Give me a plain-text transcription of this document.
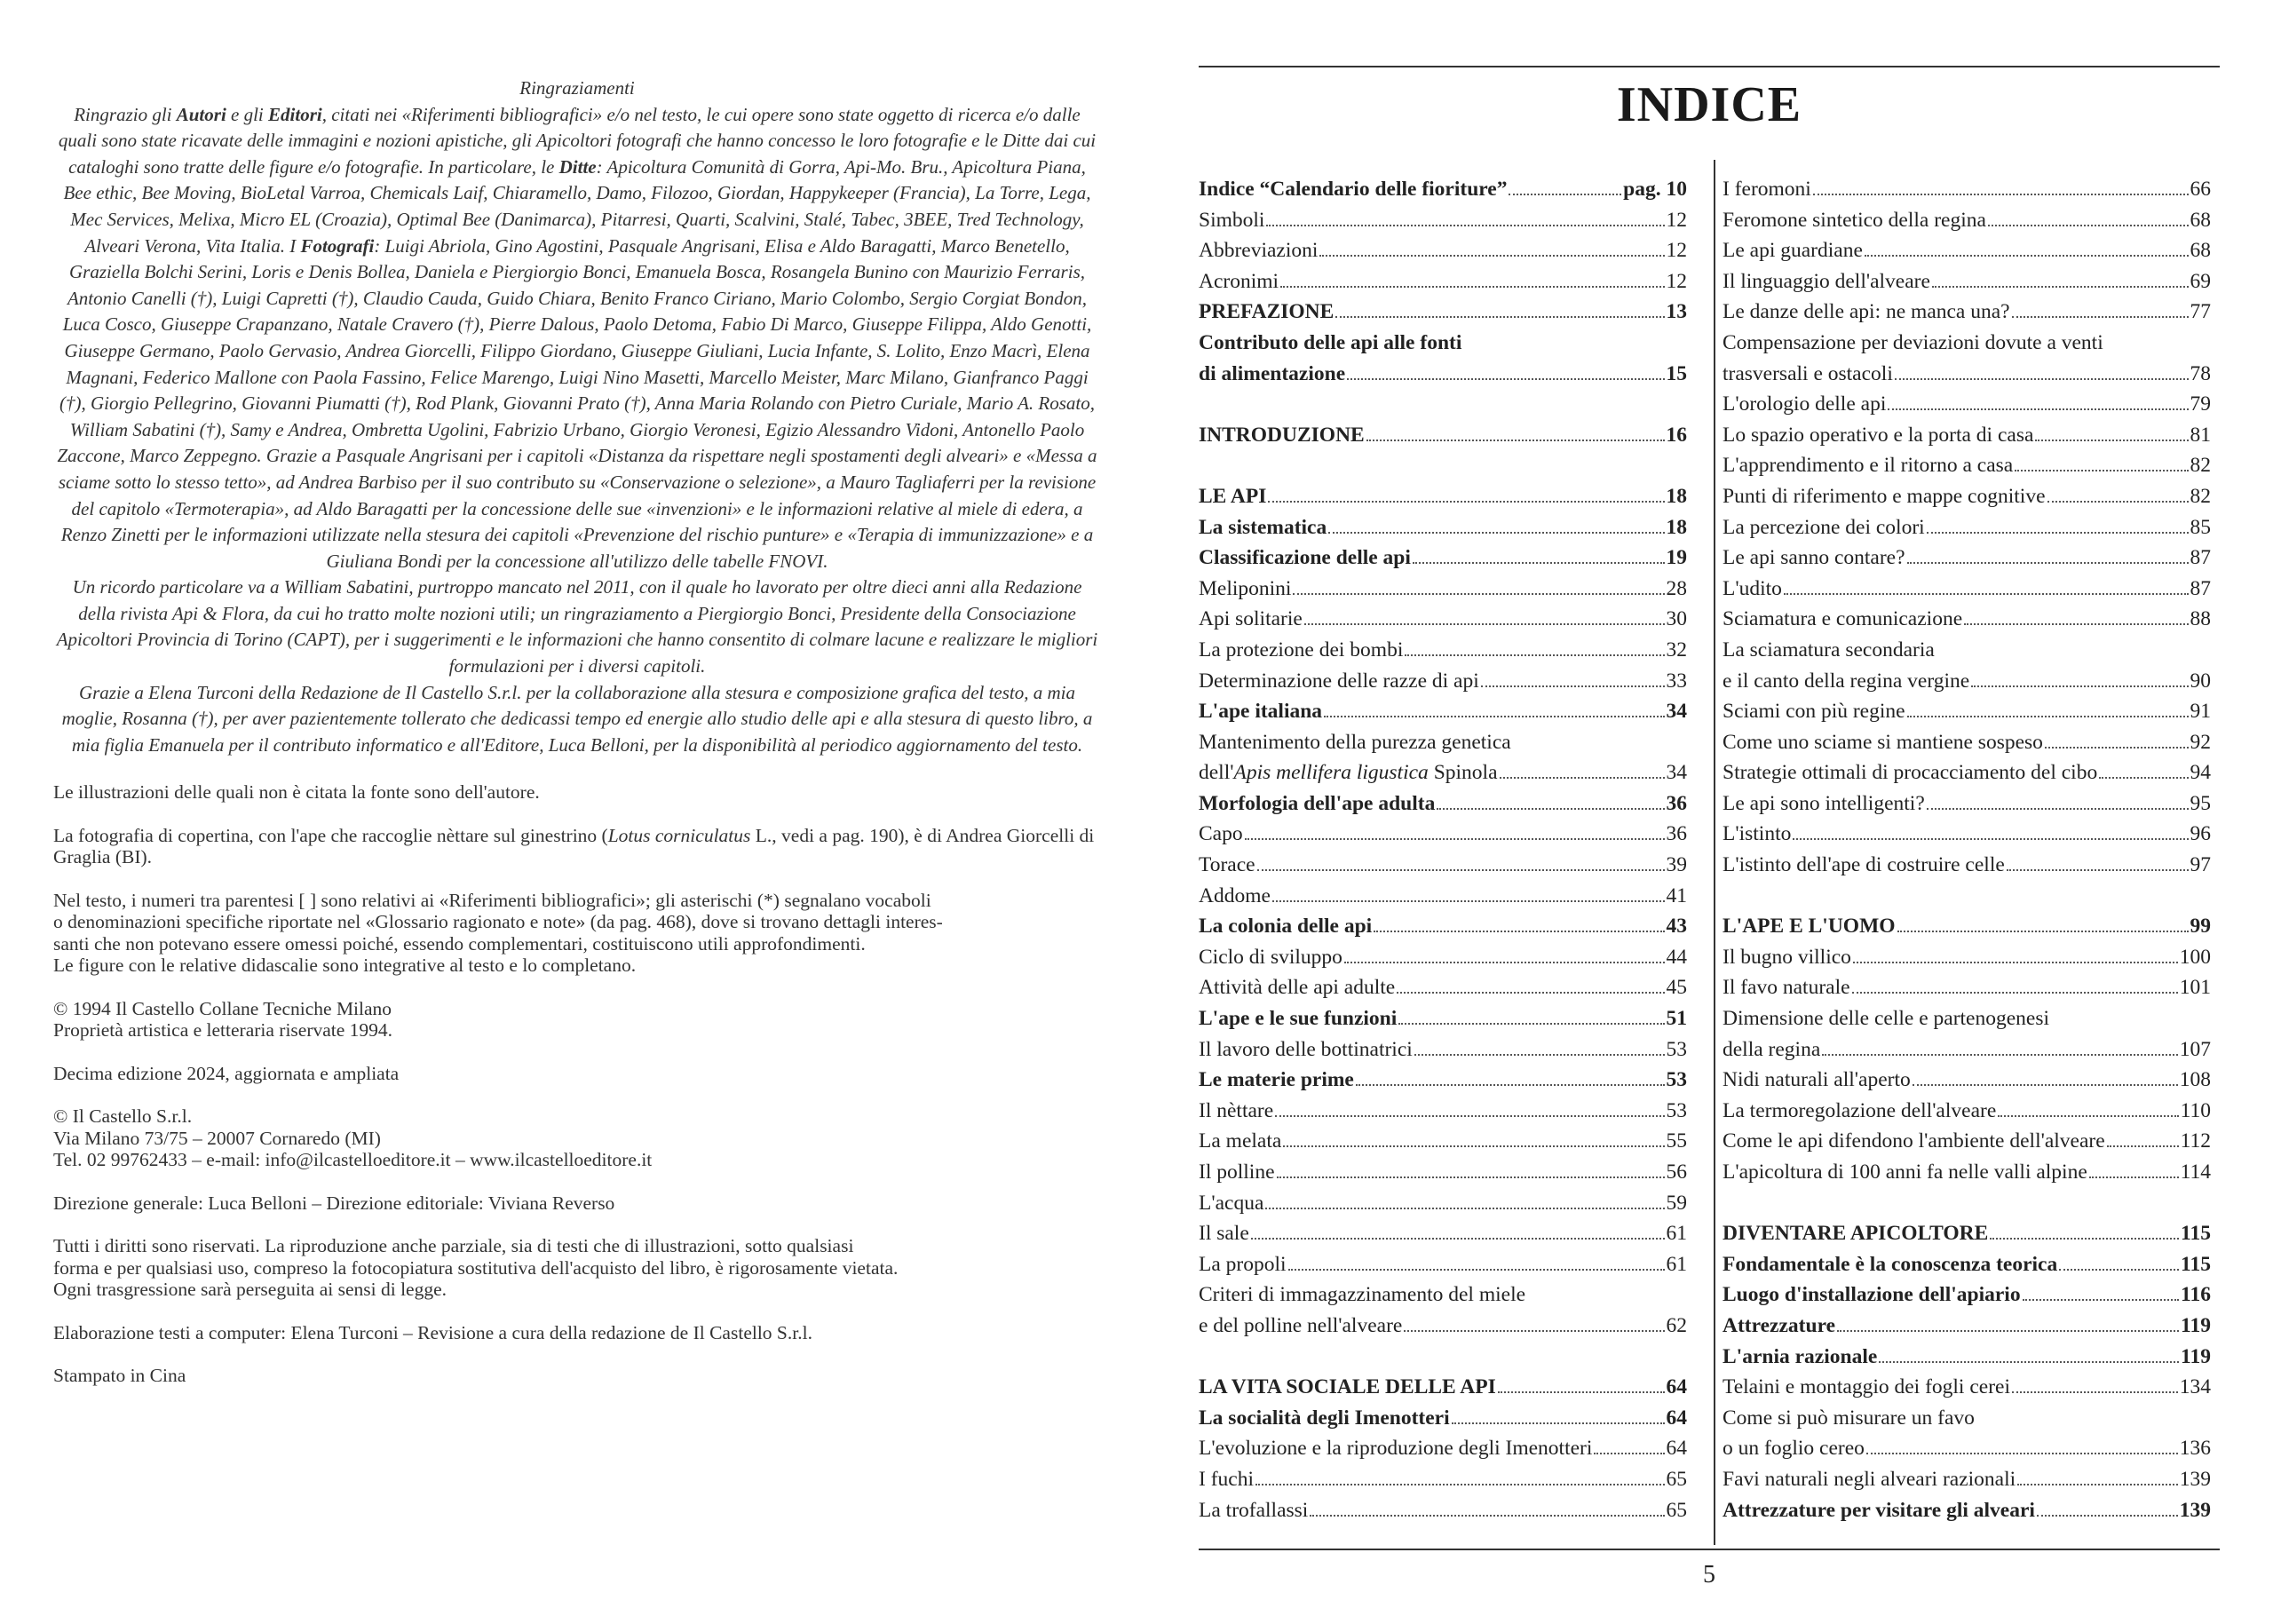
Ringraziamenti

Ringrazio gli Autori e gli Editori, citati nei «Riferimenti bibliografici» e/o nel testo, le cui opere sono state oggetto di ricerca e/o dalle quali sono state ricavate delle immagini e nozioni apistiche, gli Apicoltori fotografi che hanno concesso le loro fotografie e le Ditte dai cui cataloghi sono tratte delle figure e/o fotografie. In particolare, le Ditte: Apicoltura Comunità di Gorra, Api-Mo. Bru., Apicoltura Piana, Bee ethic, Bee Moving, BioLetal Varroa, Chemicals Laif, Chiaramello, Damo, Filozoo, Giordan, Happykeeper (Francia), La Torre, Lega, Mec Services, Melixa, Micro EL (Croazia), Optimal Bee (Danimarca), Pitarresi, Quarti, Scalvini, Stalé, Tabec, 3BEE, Tred Technology, Alveari Verona, Vita Italia. I Fotografi: Luigi Abriola, Gino Agostini, Pasquale Angrisani, Elisa e Aldo Baragatti, Marco Benetello, Graziella Bolchi Serini, Loris e Denis Bollea, Daniela e Piergiorgio Bonci, Emanuela Bosca, Rosangela Bunino con Maurizio Ferraris, Antonio Canelli (†), Luigi Capretti (†), Claudio Cauda, Guido Chiara, Benito Franco Ciriano, Mario Colombo, Sergio Corgiat Bondon, Luca Cosco, Giuseppe Crapanzano, Natale Cravero (†), Pierre Dalous, Paolo Detoma, Fabio Di Marco, Giuseppe Filippa, Aldo Genotti, Giuseppe Germano, Paolo Gervasio, Andrea Giorcelli, Filippo Giordano, Giuseppe Giuliani, Lucia Infante, S. Lolito, Enzo Macrì, Elena Magnani, Federico Mallone con Paola Fassino, Felice Marengo, Luigi Nino Masetti, Marcello Meister, Marc Milano, Gianfranco Paggi (†), Giorgio Pellegrino, Giovanni Piumatti (†), Rod Plank, Giovanni Prato (†), Anna Maria Rolando con Pietro Curiale, Mario A. Rosato, William Sabatini (†), Samy e Andrea, Ombretta Ugolini, Fabrizio Urbano, Giorgio Veronesi, Egizio Alessandro Vidoni, Antonello Paolo Zaccone, Marco Zeppegno. Grazie a Pasquale Angrisani per i capitoli «Distanza da rispettare negli spostamenti degli alveari» e «Messa a sciame sotto lo stesso tetto», ad Andrea Barbiso per il suo contributo su «Conservazione o selezione», a Mauro Tagliaferri per la revisione del capitolo «Termoterapia», ad Aldo Baragatti per la concessione delle sue «invenzioni» e le informazioni relative al miele di edera, a Renzo Zinetti per le informazioni utilizzate nella stesura dei capitoli «Prevenzione del rischio punture» e «Terapia di immunizzazione» e a Giuliana Bondi per la concessione all'utilizzo delle tabelle FNOVI.

Un ricordo particolare va a William Sabatini, purtroppo mancato nel 2011, con il quale ho lavorato per oltre dieci anni alla Redazione della rivista Api & Flora, da cui ho tratto molte nozioni utili; un ringraziamento a Piergiorgio Bonci, Presidente della Consociazione Apicoltori Provincia di Torino (CAPT), per i suggerimenti e le informazioni che hanno consentito di colmare lacune e realizzare le migliori formulazioni per i diversi capitoli.

Grazie a Elena Turconi della Redazione de Il Castello S.r.l. per la collaborazione alla stesura e composizione grafica del testo, a mia moglie, Rosanna (†), per aver pazientemente tollerato che dedicassi tempo ed energie allo studio delle api e alla stesura di questo libro, a mia figlia Emanuela per il contributo informatico e all'Editore, Luca Belloni, per la disponibilità al periodico aggiornamento del testo.

Le illustrazioni delle quali non è citata la fonte sono dell'autore.

La fotografia di copertina, con l'ape che raccoglie nèttare sul ginestrino (Lotus corniculatus L., vedi a pag. 190), è di Andrea Giorcelli di Graglia (BI).

Nel testo, i numeri tra parentesi [ ] sono relativi ai «Riferimenti bibliografici»; gli asterischi (*) segnalano vocaboli

o denominazioni specifiche riportate nel «Glossario ragionato e note» (da pag. 468), dove si trovano dettagli interes-

santi che non potevano essere omessi poiché, essendo complementari, costituiscono utili approfondimenti.

Le figure con le relative didascalie sono integrative al testo e lo completano.

© 1994 Il Castello Collane Tecniche Milano

Proprietà artistica e letteraria riservate 1994.

Decima edizione 2024, aggiornata e ampliata

© Il Castello S.r.l.

Via Milano 73/75 – 20007 Cornaredo (MI)

Tel. 02 99762433 – e-mail: info@ilcastelloeditore.it – www.ilcastelloeditore.it

Direzione generale: Luca Belloni – Direzione editoriale: Viviana Reverso

Tutti i diritti sono riservati. La riproduzione anche parziale, sia di testi che di illustrazioni, sotto qualsiasi

forma e per qualsiasi uso, compreso la fotocopiatura sostitutiva dell'acquisto del libro, è rigorosamente vietata.

Ogni trasgressione sarà perseguita ai sensi di legge.

Elaborazione testi a computer: Elena Turconi – Revisione a cura della redazione de Il Castello S.r.l.

Stampato in Cina

INDICE
Indice “Calendario delle fioriture”	pag. 10
Simboli	12
Abbreviazioni	12
Acronimi	12
PREFAZIONE	13
Contributo delle api alle fonti
di alimentazione	15
INTRODUZIONE	16
LE API	18
La sistematica	18
Classificazione delle api	19
Meliponini	28
Api solitarie	30
La protezione dei bombi	32
Determinazione delle razze di api	33
L'ape italiana	34
Mantenimento della purezza genetica
dell'Apis mellifera ligustica Spinola	34
Morfologia dell'ape adulta	36
Capo	36
Torace	39
Addome	41
La colonia delle api	43
Ciclo di sviluppo	44
Attività delle api adulte	45
L'ape e le sue funzioni	51
Il lavoro delle bottinatrici	53
Le materie prime	53
Il nèttare	53
La melata	55
Il polline	56
L'acqua	59
Il sale	61
La propoli	61
Criteri di immagazzinamento del miele
e del polline nell'alveare	62
LA VITA SOCIALE DELLE API	64
La socialità degli Imenotteri	64
L'evoluzione e la riproduzione degli Imenotteri	64
I fuchi	65
La trofallassi	65
I feromoni	66
Feromone sintetico della regina	68
Le api guardiane	68
Il linguaggio dell'alveare	69
Le danze delle api: ne manca una?	77
Compensazione per deviazioni dovute a venti
trasversali e ostacoli	78
L'orologio delle api	79
Lo spazio operativo e la porta di casa	81
L'apprendimento e il ritorno a casa	82
Punti di riferimento e mappe cognitive	82
La percezione dei colori	85
Le api sanno contare?	87
L'udito	87
Sciamatura e comunicazione	88
La sciamatura secondaria
e il canto della regina vergine	90
Sciami con più regine	91
Come uno sciame si mantiene sospeso	92
Strategie ottimali di procacciamento del cibo	94
Le api sono intelligenti?	95
L'istinto	96
L'istinto dell'ape di costruire celle	97
L'APE E L'UOMO	99
Il bugno villico	100
Il favo naturale	101
Dimensione delle celle e partenogenesi
della regina	107
Nidi naturali all'aperto	108
La termoregolazione dell'alveare	110
Come le api difendono l'ambiente dell'alveare	112
L'apicoltura di 100 anni fa nelle valli alpine	114
DIVENTARE APICOLTORE	115
Fondamentale è la conoscenza teorica	115
Luogo d'installazione dell'apiario	116
Attrezzature	119
L'arnia razionale	119
Telaini e montaggio dei fogli cerei	134
Come si può misurare un favo
o un foglio cereo	136
Favi naturali negli alveari razionali	139
Attrezzature per visitare gli alveari	139
5
